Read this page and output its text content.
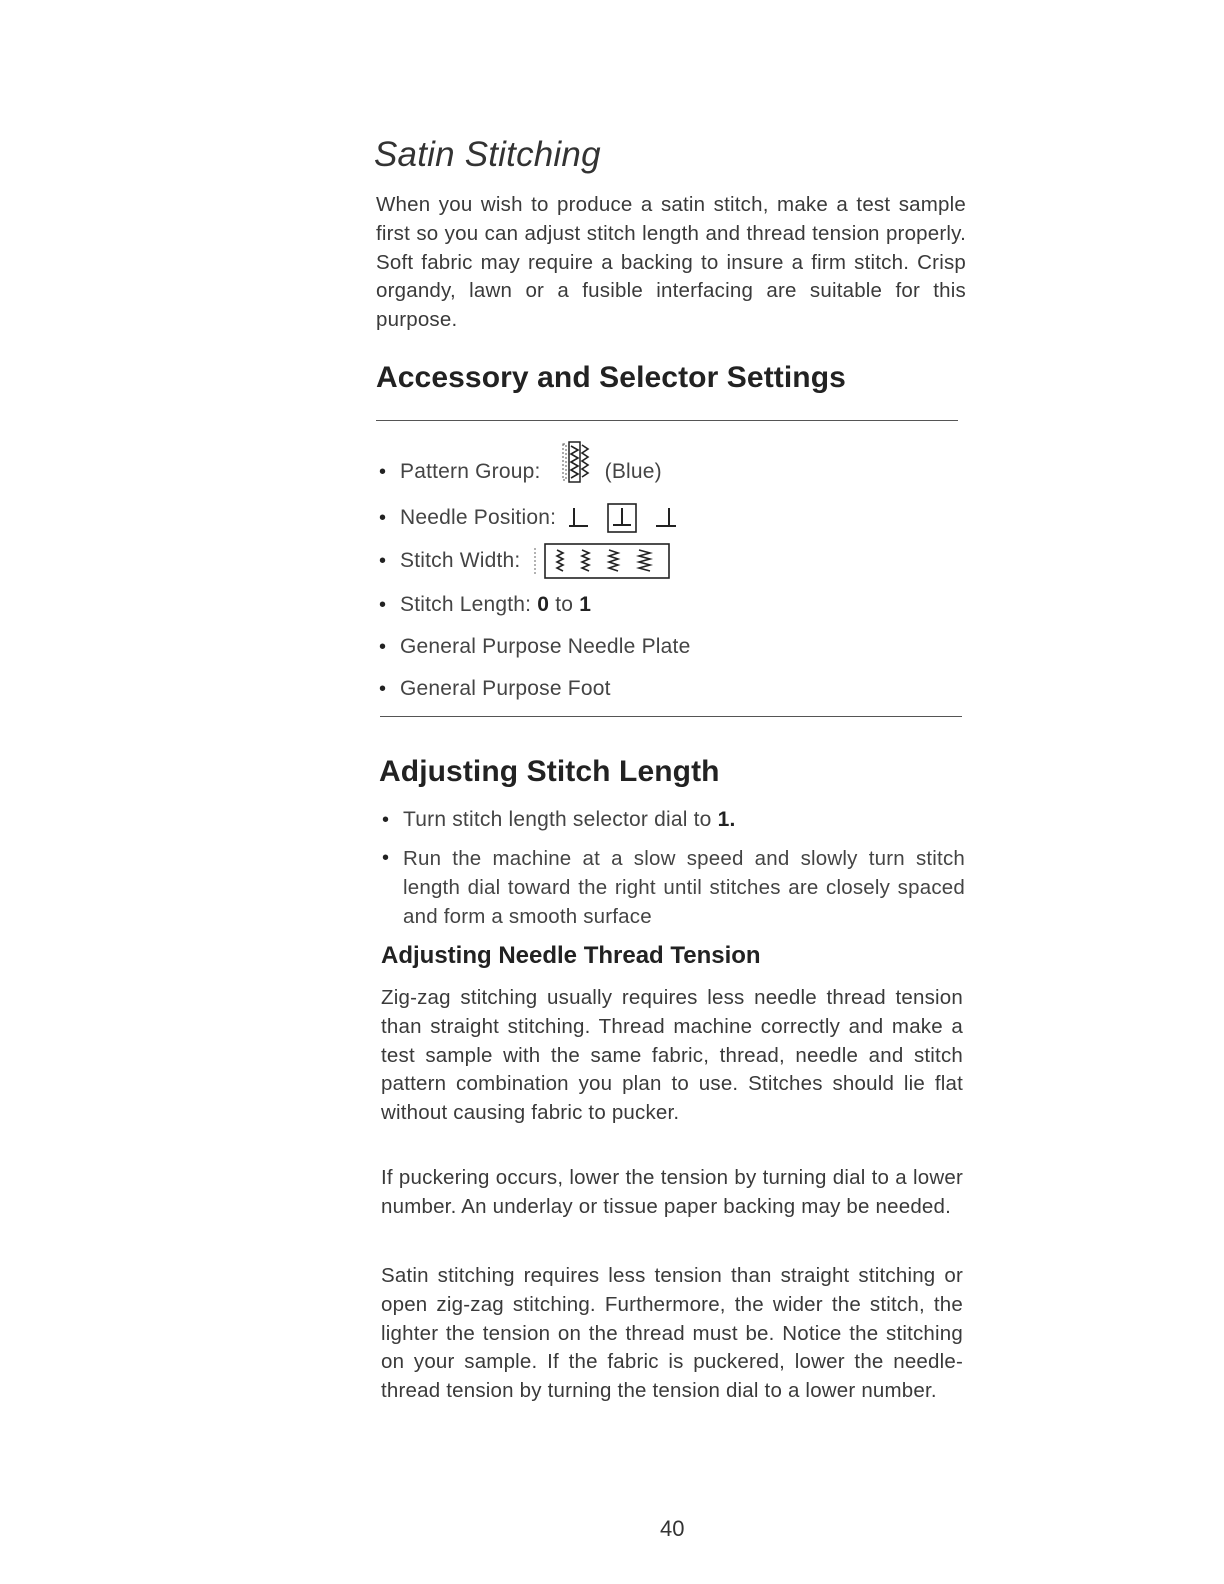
Satin Stitching

When you wish to produce a satin stitch, make a test sample first so you can adjust stitch length and thread tension properly. Soft fabric may require a backing to insure a firm stitch. Crisp organdy, lawn or a fusible interfacing are suitable for this purpose.

Accessory and Selector Settings
• Pattern Group:	(Blue)
• Needle Position:
• Stitch Width:
• Stitch Length: 0 to 1
• General Purpose Needle Plate
• General Purpose Foot
Adjusting Stitch Length
• Turn stitch length selector dial to 1.
• Run the machine at a slow speed and slowly turn stitch length dial toward the right until stitches are closely spaced and form a smooth surface
Adjusting Needle Thread Tension

Zig-zag stitching usually requires less needle thread tension than straight stitching. Thread machine correctly and make a test sample with the same fabric, thread, needle and stitch pattern combination you plan to use. Stitches should lie flat without causing fabric to pucker.

If puckering occurs, lower the tension by turning dial to a lower number. An underlay or tissue paper backing may be needed.

Satin stitching requires less tension than straight stitching or open zig-zag stitching. Furthermore, the wider the stitch, the lighter the tension on the thread must be. Notice the stitching on your sample. If the fabric is puckered, lower the needle-thread tension by turning the tension dial to a lower number.

40
